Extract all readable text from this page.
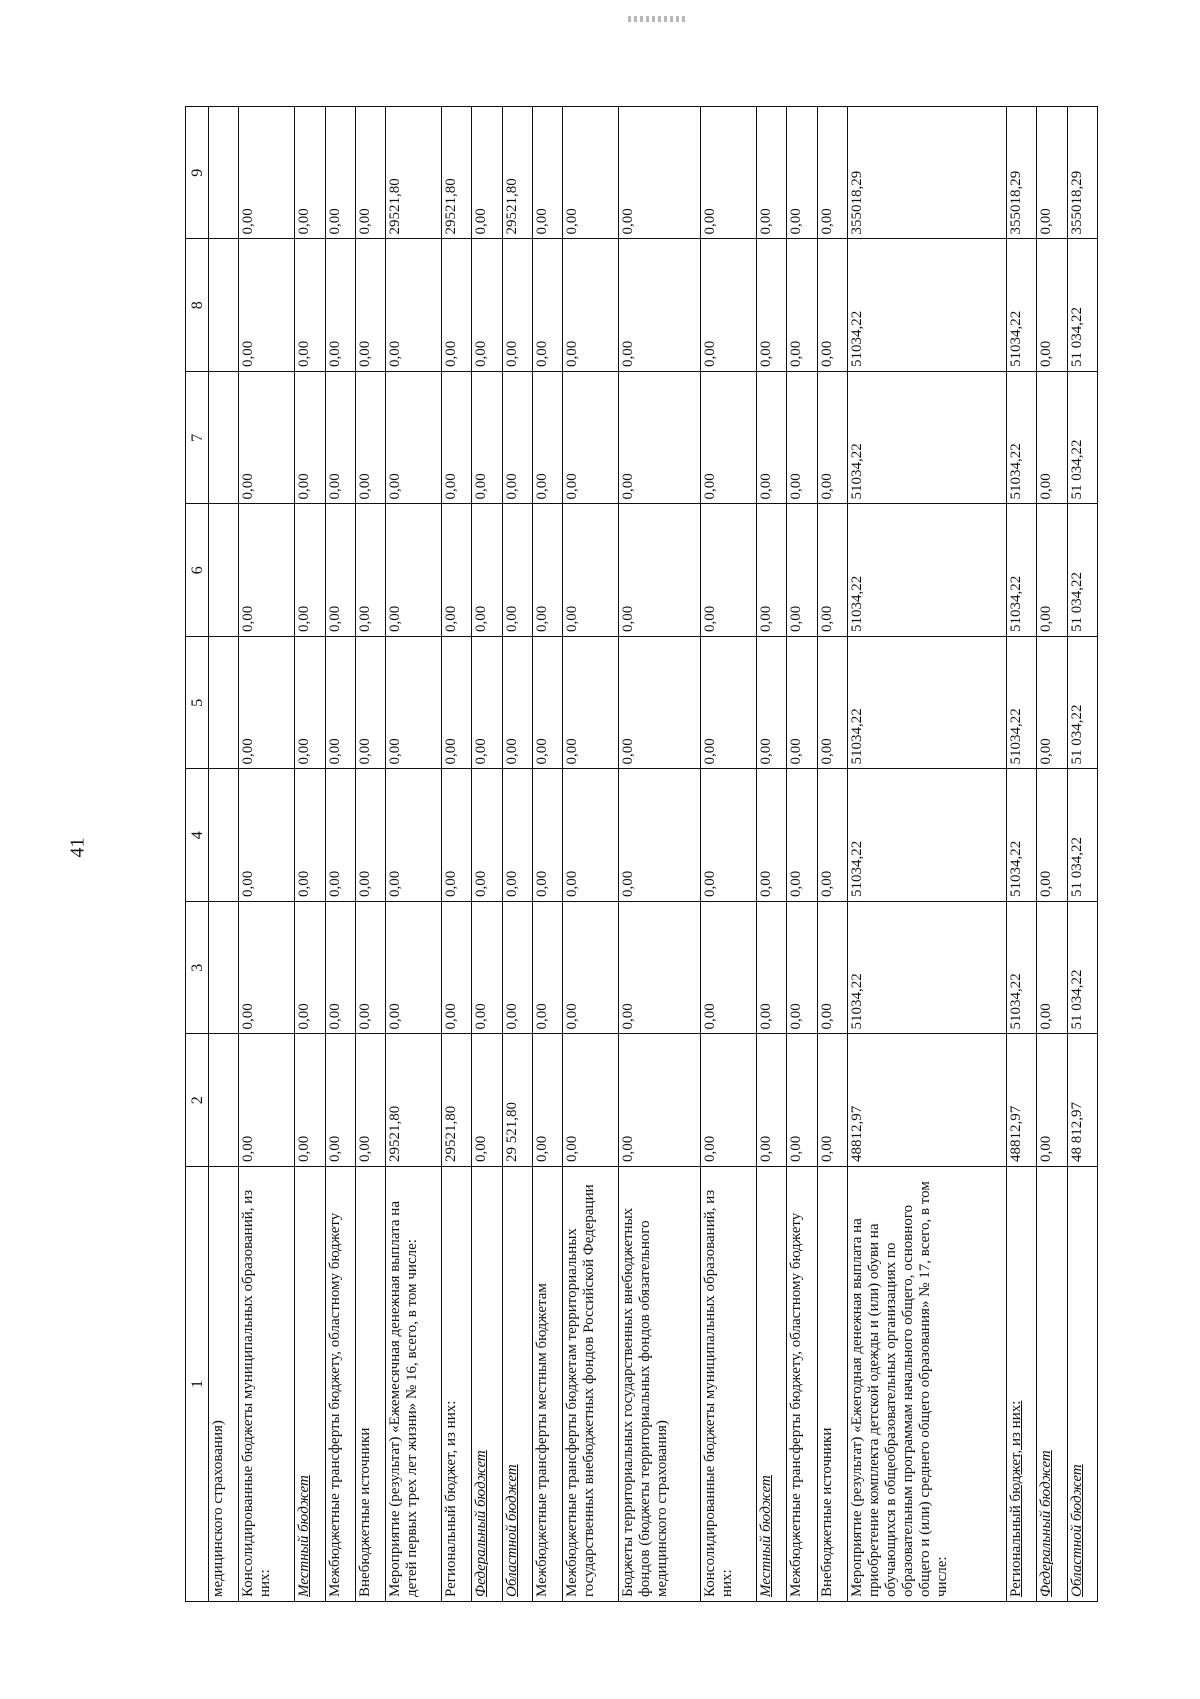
41
1	2	3	4	5	6	7	8	9
медицинского страхования)								
Консолидированные бюджеты муниципальных образований, из них:	0,00	0,00	0,00	0,00	0,00	0,00	0,00	0,00
Местный бюджет	0,00	0,00	0,00	0,00	0,00	0,00	0,00	0,00
Межбюджетные трансферты бюджету, областному бюджету	0,00	0,00	0,00	0,00	0,00	0,00	0,00	0,00
Внебюджетные источники	0,00	0,00	0,00	0,00	0,00	0,00	0,00	0,00
Мероприятие (результат) «Ежемесячная денежная выплата на детей первых трех лет жизни» № 16, всего, в том числе:	29521,80	0,00	0,00	0,00	0,00	0,00	0,00	29521,80
Региональный бюджет, из них:	29521,80	0,00	0,00	0,00	0,00	0,00	0,00	29521,80
Федеральный бюджет	0,00	0,00	0,00	0,00	0,00	0,00	0,00	0,00
Областной бюджет	29 521,80	0,00	0,00	0,00	0,00	0,00	0,00	29521,80
Межбюджетные трансферты местным бюджетам	0,00	0,00	0,00	0,00	0,00	0,00	0,00	0,00
Межбюджетные трансферты бюджетам территориальных государственных внебюджетных фондов Российской Федерации	0,00	0,00	0,00	0,00	0,00	0,00	0,00	0,00
Бюджеты территориальных государственных внебюджетных фондов (бюджеты территориальных фондов обязательного медицинского страхования)	0,00	0,00	0,00	0,00	0,00	0,00	0,00	0,00
Консолидированные бюджеты муниципальных образований, из них:	0,00	0,00	0,00	0,00	0,00	0,00	0,00	0,00
Местный бюджет	0,00	0,00	0,00	0,00	0,00	0,00	0,00	0,00
Межбюджетные трансферты бюджету, областному бюджету	0,00	0,00	0,00	0,00	0,00	0,00	0,00	0,00
Внебюджетные источники	0,00	0,00	0,00	0,00	0,00	0,00	0,00	0,00
Мероприятие (результат) «Ежегодная денежная выплата на приобретение комплекта детской одежды и (или) обуви на обучающихся в общеобразовательных организациях по образовательным программам начального общего, основного общего и (или) среднего общего образования» № 17, всего, в том числе:	48812,97	51034,22	51034,22	51034,22	51034,22	51034,22	51034,22	355018,29
Региональный бюджет, из них:	48812,97	51034,22	51034,22	51034,22	51034,22	51034,22	51034,22	355018,29
Федеральный бюджет	0,00	0,00	0,00	0,00	0,00	0,00	0,00	0,00
Областной бюджет	48 812,97	51 034,22	51 034,22	51 034,22	51 034,22	51 034,22	51 034,22	355018,29
